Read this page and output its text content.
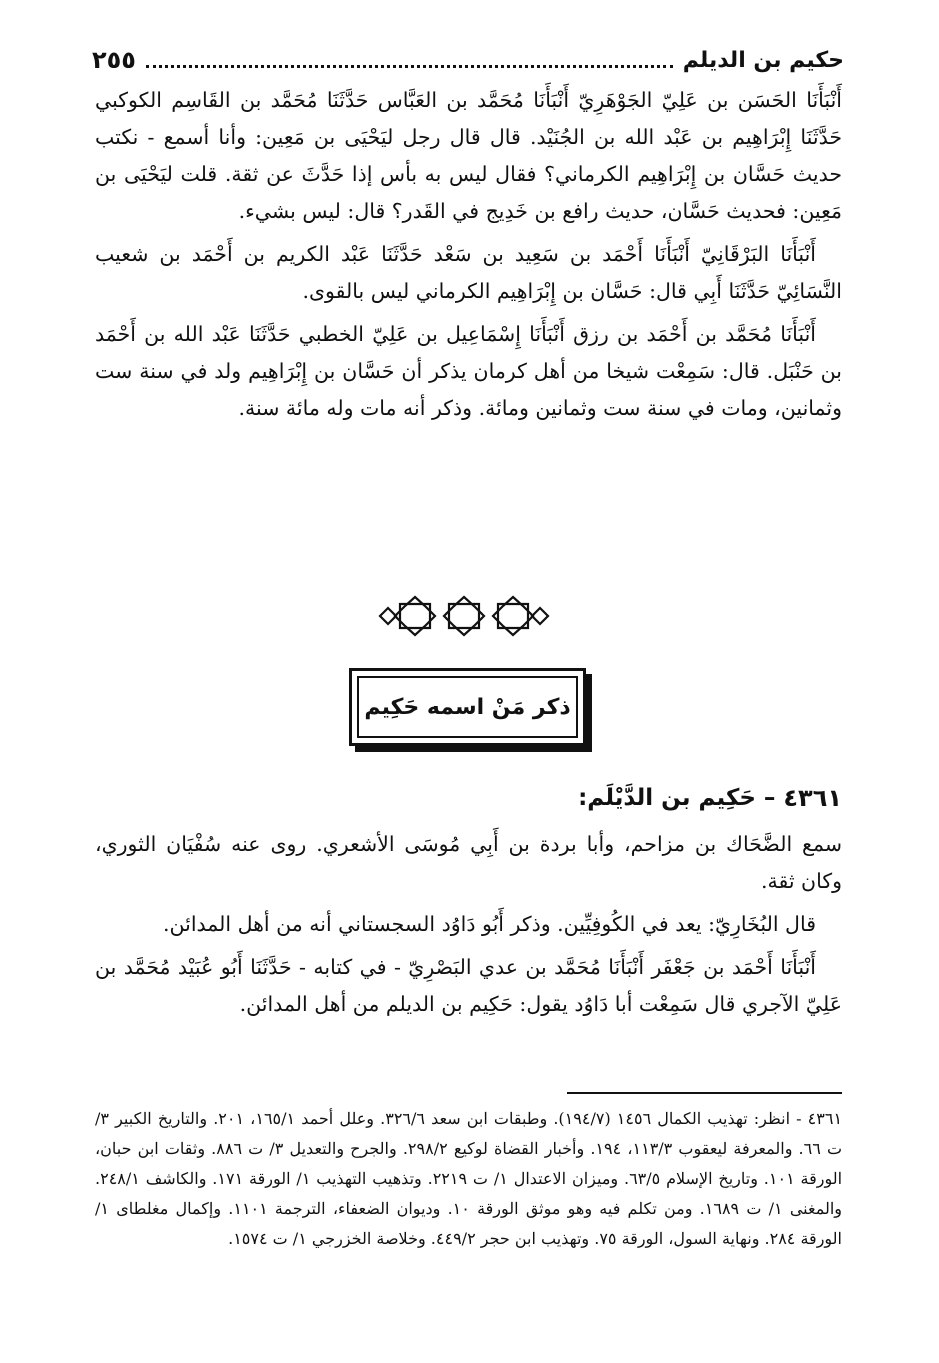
حكيم بن الديلم
٢٥٥

أَنْبَأَنَا الحَسَن بن عَلِيّ الجَوْهَرِيّ أَنْبَأَنَا مُحَمَّد بن العَبَّاس حَدَّثَنَا مُحَمَّد بن القَاسِم الكوكبي حَدَّثَنَا إِبْرَاهِيم بن عَبْد الله بن الجُنَيْد. قال قال رجل ليَحْيَى بن مَعِين: وأنا أسمع - نكتب حديث حَسَّان بن إِبْرَاهِيم الكرماني؟ فقال ليس به بأس إذا حَدَّثَ عن ثقة. قلت ليَحْيَى بن مَعِين: فحديث حَسَّان، حديث رافع بن خَدِيج في القَدر؟ قال: ليس بشيء.

أَنْبَأَنَا البَرْقَانِيّ أَنْبَأَنَا أَحْمَد بن سَعِيد بن سَعْد حَدَّثَنَا عَبْد الكريم بن أَحْمَد بن شعيب النَّسَائِيّ حَدَّثَنَا أَبِي قال: حَسَّان بن إِبْرَاهِيم الكرماني ليس بالقوى.

أَنْبَأَنَا مُحَمَّد بن أَحْمَد بن رزق أَنْبَأَنَا إِسْمَاعِيل بن عَلِيّ الخطبي حَدَّثَنَا عَبْد الله بن أَحْمَد بن حَنْبَل. قال: سَمِعْت شيخا من أهل كرمان يذكر أن حَسَّان بن إِبْرَاهِيم ولد في سنة ست وثمانين، ومات في سنة ست وثمانين ومائة. وذكر أنه مات وله مائة سنة.

ذكر مَنْ اسمه حَكِيم
٤٣٦١
–
حَكِيم بن الدَّيْلَم:

سمع الضَّحَاك بن مزاحم، وأبا بردة بن أَبِي مُوسَى الأشعري. روى عنه سُفْيَان الثوري، وكان ثقة.

قال البُخَارِيّ: يعد في الكُوفِيِّين. وذكر أَبُو دَاوُد السجستاني أنه من أهل المدائن.

أَنْبَأَنَا أَحْمَد بن جَعْفَر أَنْبَأَنَا مُحَمَّد بن عدي البَصْرِيّ - في كتابه - حَدَّثَنَا أَبُو عُبَيْد مُحَمَّد بن عَلِيّ الآجري قال سَمِعْت أبا دَاوُد يقول: حَكِيم بن الديلم من أهل المدائن.

٤٣٦١ - انظر: تهذيب الكمال ١٤٥٦ (١٩٤/٧). وطبقات ابن سعد ٣٢٦/٦. وعلل أحمد ١٦٥/١، ٢٠١. والتاريخ الكبير ٣/ ت ٦٦. والمعرفة ليعقوب ١١٣/٣، ١٩٤. وأخبار القضاة لوكيع ٢٩٨/٢. والجرح والتعديل ٣/ ت ٨٨٦. وثقات ابن حبان، الورقة ١٠١. وتاريخ الإسلام ٦٣/٥. وميزان الاعتدال ١/ ت ٢٢١٩. وتذهيب التهذيب ١/ الورقة ١٧١. والكاشف ٢٤٨/١. والمغنى ١/ ت ١٦٨٩. ومن تكلم فيه وهو موثق الورقة ١٠. وديوان الضعفاء، الترجمة ١١٠١. وإكمال مغلطاى ١/ الورقة ٢٨٤. ونهاية السول، الورقة ٧٥. وتهذيب ابن حجر ٤٤٩/٢. وخلاصة الخزرجي ١/ ت ١٥٧٤.
